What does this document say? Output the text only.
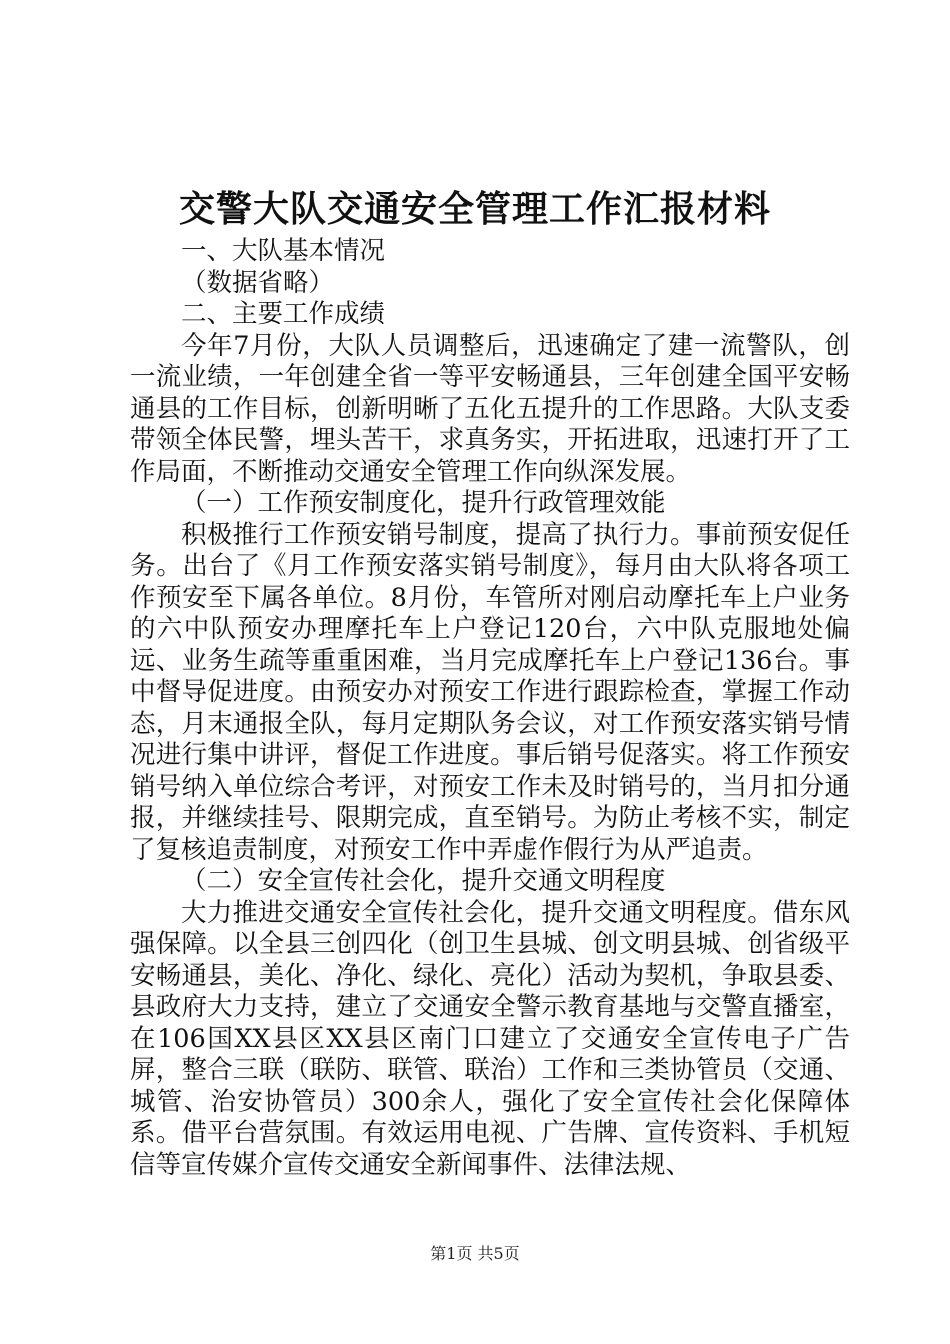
交警大队交通安全管理工作汇报材料

一、大队基本情况

（数据省略）

二、主要工作成绩

今年7月份，大队人员调整后，迅速确定了建一流警队，创一流业绩，一年创建全省一等平安畅通县，三年创建全国平安畅通县的工作目标，创新明晰了五化五提升的工作思路。大队支委带领全体民警，埋头苦干，求真务实，开拓进取，迅速打开了工作局面，不断推动交通安全管理工作向纵深发展。

（一）工作预安制度化，提升行政管理效能

积极推行工作预安销号制度，提高了执行力。事前预安促任务。出台了《月工作预安落实销号制度》，每月由大队将各项工作预安至下属各单位。8月份，车管所对刚启动摩托车上户业务的六中队预安办理摩托车上户登记120台，六中队克服地处偏远、业务生疏等重重困难，当月完成摩托车上户登记136台。事中督导促进度。由预安办对预安工作进行跟踪检查，掌握工作动态，月末通报全队，每月定期队务会议，对工作预安落实销号情况进行集中讲评，督促工作进度。事后销号促落实。将工作预安销号纳入单位综合考评，对预安工作未及时销号的，当月扣分通报，并继续挂号、限期完成，直至销号。为防止考核不实，制定了复核追责制度，对预安工作中弄虚作假行为从严追责。

（二）安全宣传社会化，提升交通文明程度

大力推进交通安全宣传社会化，提升交通文明程度。借东风强保障。以全县三创四化（创卫生县城、创文明县城、创省级平安畅通县，美化、净化、绿化、亮化）活动为契机，争取县委、县政府大力支持，建立了交通安全警示教育基地与交警直播室，在106国XX县区XX县区南门口建立了交通安全宣传电子广告屏，整合三联（联防、联管、联治）工作和三类协管员（交通、城管、治安协管员）300余人，强化了安全宣传社会化保障体系。借平台营氛围。有效运用电视、广告牌、宣传资料、手机短信等宣传媒介宣传交通安全新闻事件、法律法规、

第1页 共5页
